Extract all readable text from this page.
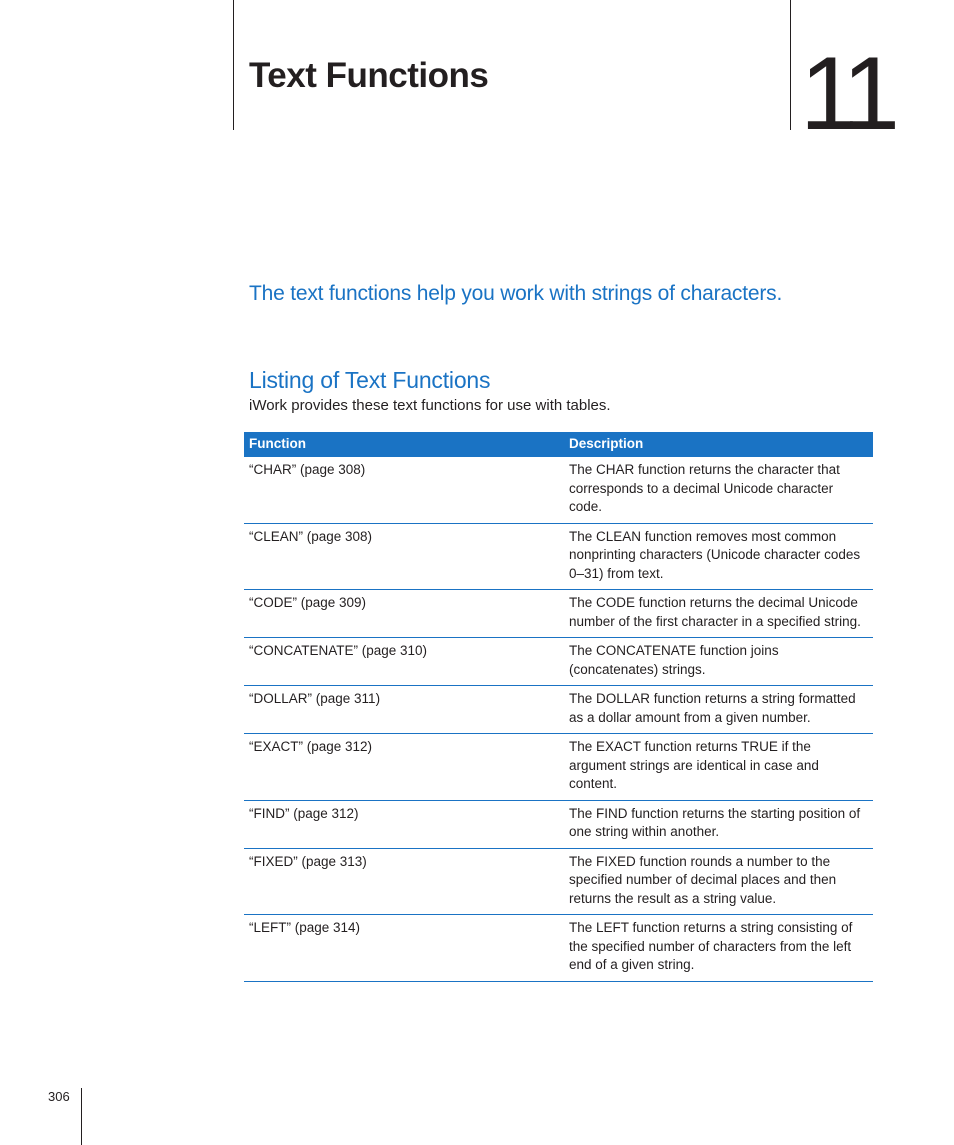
Text Functions	11
The text functions help you work with strings of characters.
Listing of Text Functions

iWork provides these text functions for use with tables.

Function	Description
“CHAR” (page 308)	The CHAR function returns the character that corresponds to a decimal Unicode character code.
“CLEAN” (page 308)	The CLEAN function removes most common nonprinting characters (Unicode character codes 0–31) from text.
“CODE” (page 309)	The CODE function returns the decimal Unicode number of the first character in a specified string.
“CONCATENATE” (page 310)	The CONCATENATE function joins (concatenates) strings.
“DOLLAR” (page 311)	The DOLLAR function returns a string formatted as a dollar amount from a given number.
“EXACT” (page 312)	The EXACT function returns TRUE if the argument strings are identical in case and content.
“FIND” (page 312)	The FIND function returns the starting position of one string within another.
“FIXED” (page 313)	The FIXED function rounds a number to the specified number of decimal places and then returns the result as a string value.
“LEFT” (page 314)	The LEFT function returns a string consisting of the specified number of characters from the left end of a given string.
306
